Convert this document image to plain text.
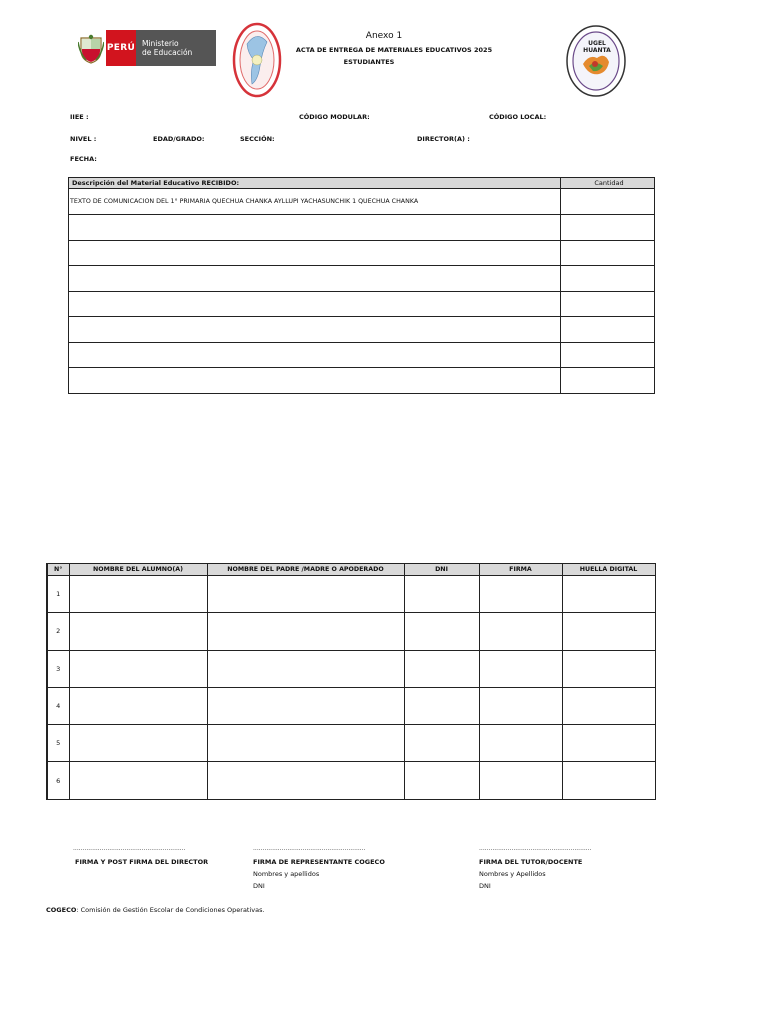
PERÚ Ministerio
de Educación
UGEL
HUANTA
Anexo 1
ACTA DE ENTREGA DE MATERIALES EDUCATIVOS 2025
ESTUDIANTES
IIEE :	CÓDIGO MODULAR:	CÓDIGO LOCAL:
NIVEL :	EDAD/GRADO:	SECCIÓN:	DIRECTOR(A) :
FECHA:
Descripción del Material Educativo RECIBIDO:	Cantidad
TEXTO DE COMUNICACION DEL 1° PRIMARIA QUECHUA CHANKA AYLLUPI YACHASUNCHIK 1 QUECHUA CHANKA	

N°	NOMBRE DEL ALUMNO(A)	NOMBRE DEL PADRE /MADRE O APODERADO	DNI	FIRMA	HUELLA DIGITAL
1					
2					
3					
4					
5					
6					
...........................................................
FIRMA Y POST FIRMA DEL DIRECTOR
...........................................................
FIRMA DE REPRESENTANTE COGECO
Nombres y apellidos
DNI
...........................................................
FIRMA DEL TUTOR/DOCENTE
Nombres y Apellidos
DNI
COGECO: Comisión de Gestión Escolar de Condiciones Operativas.
